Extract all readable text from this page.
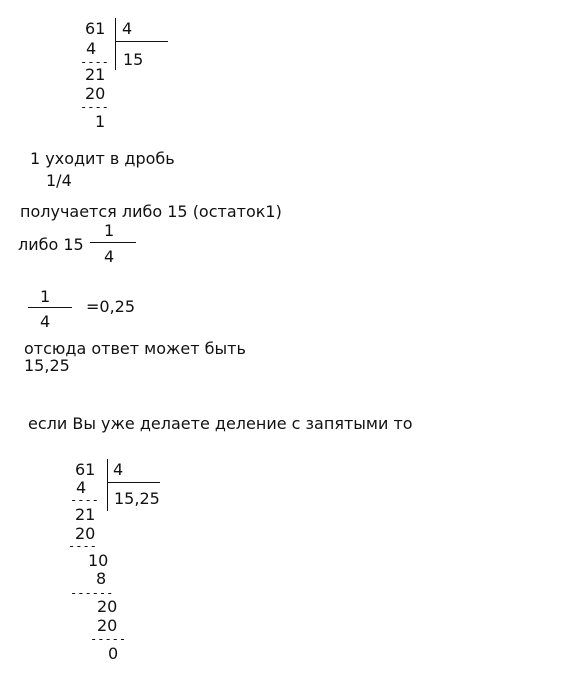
61 4
15
4
----
21
20
----
1
1 уходит в дробь
1/4
получается либо 15 (остаток1)
либо 15
1
4
1
4
=0,25
отсюда ответ может быть
15,25
если Вы уже делаете деление с запятыми то
61 4
15,25
4
----
21
20
----
10
8
------
20
20
-----
0
